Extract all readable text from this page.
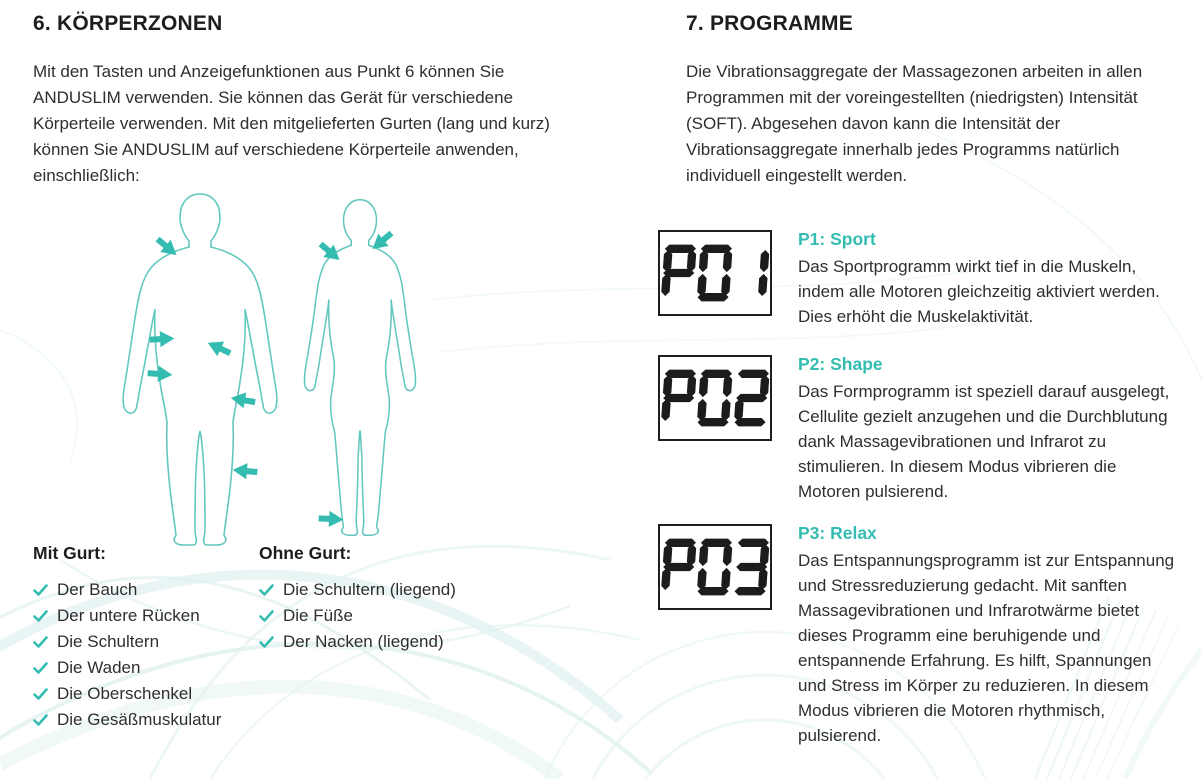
6. KÖRPERZONEN

Mit den Tasten und Anzeigefunktionen aus Punkt 6 können Sie ANDUSLIM verwenden. Sie können das Gerät für verschiedene Körperteile verwenden. Mit den mitgelieferten Gurten (lang und kurz) können Sie ANDUSLIM auf verschiedene Körperteile anwenden, einschließlich:

Mit Gurt:
Der Bauch
Der untere Rücken
Die Schultern
Die Waden
Die Oberschenkel
Die Gesäßmuskulatur
Ohne Gurt:
Die Schultern (liegend)
Die Füße
Der Nacken (liegend)
7. PROGRAMME

Die Vibrationsaggregate der Massagezonen arbeiten in allen Programmen mit der voreingestellten (niedrigsten) Intensität (SOFT). Abgesehen davon kann die Intensität der Vibrationsaggregate innerhalb jedes Programms natürlich individuell eingestellt werden.

P1: Sport
Das Sportprogramm wirkt tief in die Muskeln, indem alle Motoren gleichzeitig aktiviert werden. Dies erhöht die Muskelaktivität.
P2: Shape
Das Formprogramm ist speziell darauf ausgelegt, Cellulite gezielt anzugehen und die Durchblutung dank Massagevibrationen und Infrarot zu stimulieren. In diesem Modus vibrieren die Motoren pulsierend.
P3: Relax
Das Entspannungsprogramm ist zur Entspannung und Stressreduzierung gedacht. Mit sanften Massagevibrationen und Infrarotwärme bietet dieses Programm eine beruhigende und entspannende Erfahrung. Es hilft, Spannungen und Stress im Körper zu reduzieren. In diesem Modus vibrieren die Motoren rhythmisch, pulsierend.
